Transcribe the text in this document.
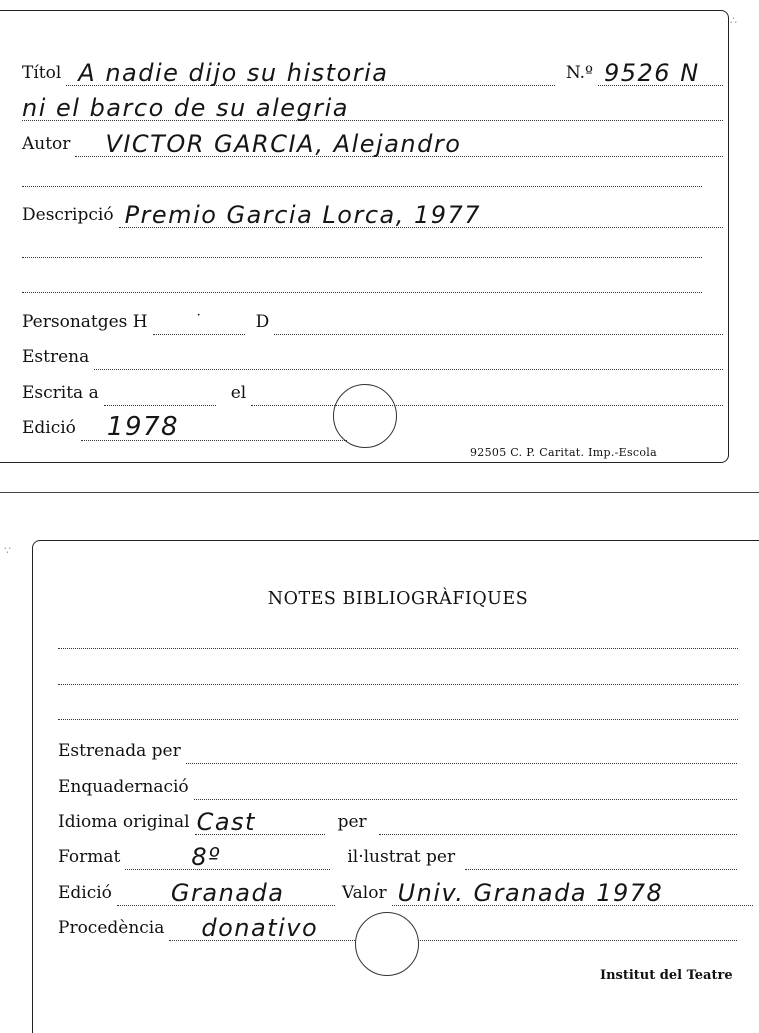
Títol A nadie dijo su historia	N.º 9526 N
ni el barco de su alegria
Autor VICTOR GARCIA, Alejandro
Descripció Premio Garcia Lorca, 1977
Personatges H	·	D
Estrena
Escrita a	el
Edició 1978
92505 C. P. Caritat. Imp.-Escola
∴
∵
NOTES BIBLIOGRÀFIQUES
Estrenada per
Enquadernació
Idioma original Cast	per
Format	8º	il·lustrat per
Edició Granada	Valor Univ. Granada 1978
Procedència donativo
Institut del Teatre
